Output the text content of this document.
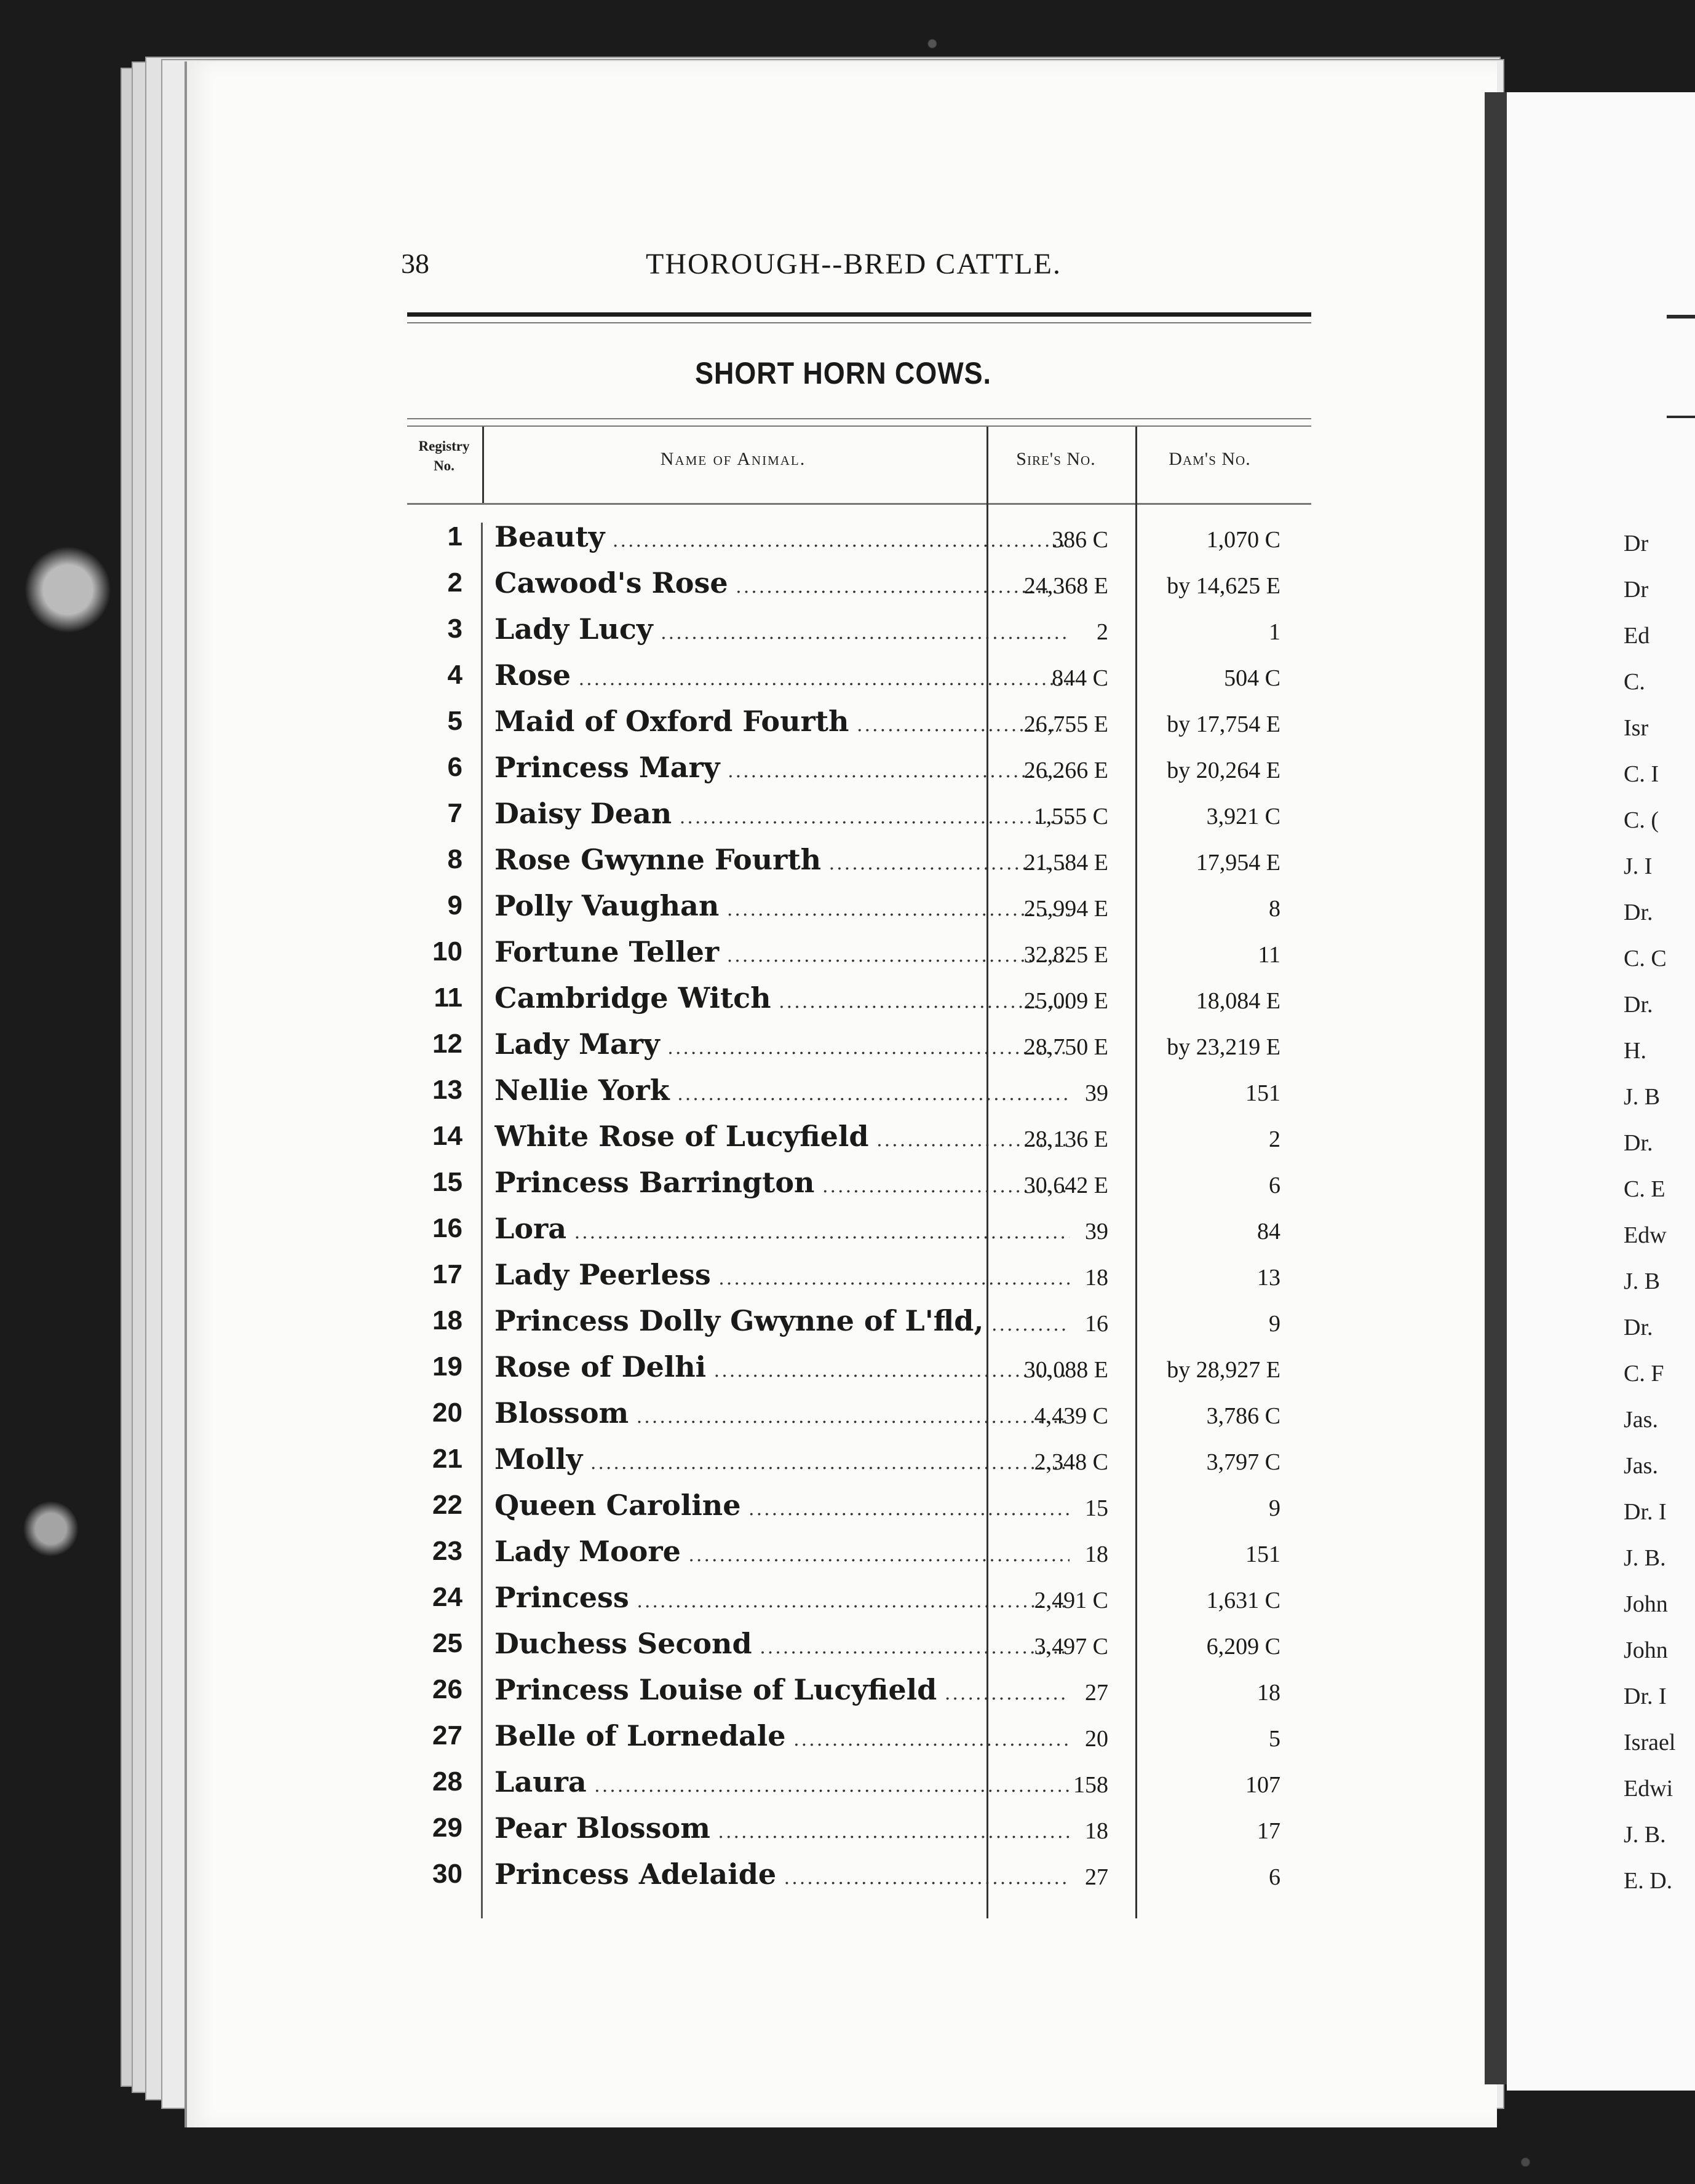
Dr
Dr
Ed
C.
Isr
C. I
C. (
J. I
Dr.
C. C
Dr.
H.
J. B
Dr.
C. E
Edw
J. B
Dr.
C. F
Jas.
Jas.
Dr. I
J. B.
John
John
Dr. I
Israel
Edwi
J. B.
E. D.
38	THOROUGH--BRED CATTLE.
SHORT HORN COWS.
Registry
No.	Name of Animal.	Sire's No.	Dam's No.
1 Beauty .....	386 C	1,070 C
2 Cawood's Rose .....	24,368 E	by 14,625 E
3 Lady Lucy .....	2	1
4 Rose .....	844 C	504 C
5 Maid of Oxford Fourth .....	26,755 E	by 17,754 E
6 Princess Mary .....	26,266 E	by 20,264 E
7 Daisy Dean .....	1,555 C	3,921 C
8 Rose Gwynne Fourth .....	21,584 E	17,954 E
9 Polly Vaughan .....	25,994 E	8
10 Fortune Teller .....	32,825 E	11
11 Cambridge Witch .....	25,009 E	18,084 E
12 Lady Mary .....	28,750 E	by 23,219 E
13 Nellie York .....	39	151
14 White Rose of Lucyfield .....	28,136 E	2
15 Princess Barrington .....	30,642 E	6
16 Lora .....	39	84
17 Lady Peerless .....	18	13
18 Princess Dolly Gwynne of L'fld, .....	16	9
19 Rose of Delhi .....	30,088 E	by 28,927 E
20 Blossom .....	4,439 C	3,786 C
21 Molly .....	2,348 C	3,797 C
22 Queen Caroline .....	15	9
23 Lady Moore .....	18	151
24 Princess .....	2,491 C	1,631 C
25 Duchess Second .....	3,497 C	6,209 C
26 Princess Louise of Lucyfield .....	27	18
27 Belle of Lornedale .....	20	5
28 Laura .....	158	107
29 Pear Blossom .....	18	17
30 Princess Adelaide .....	27	6
